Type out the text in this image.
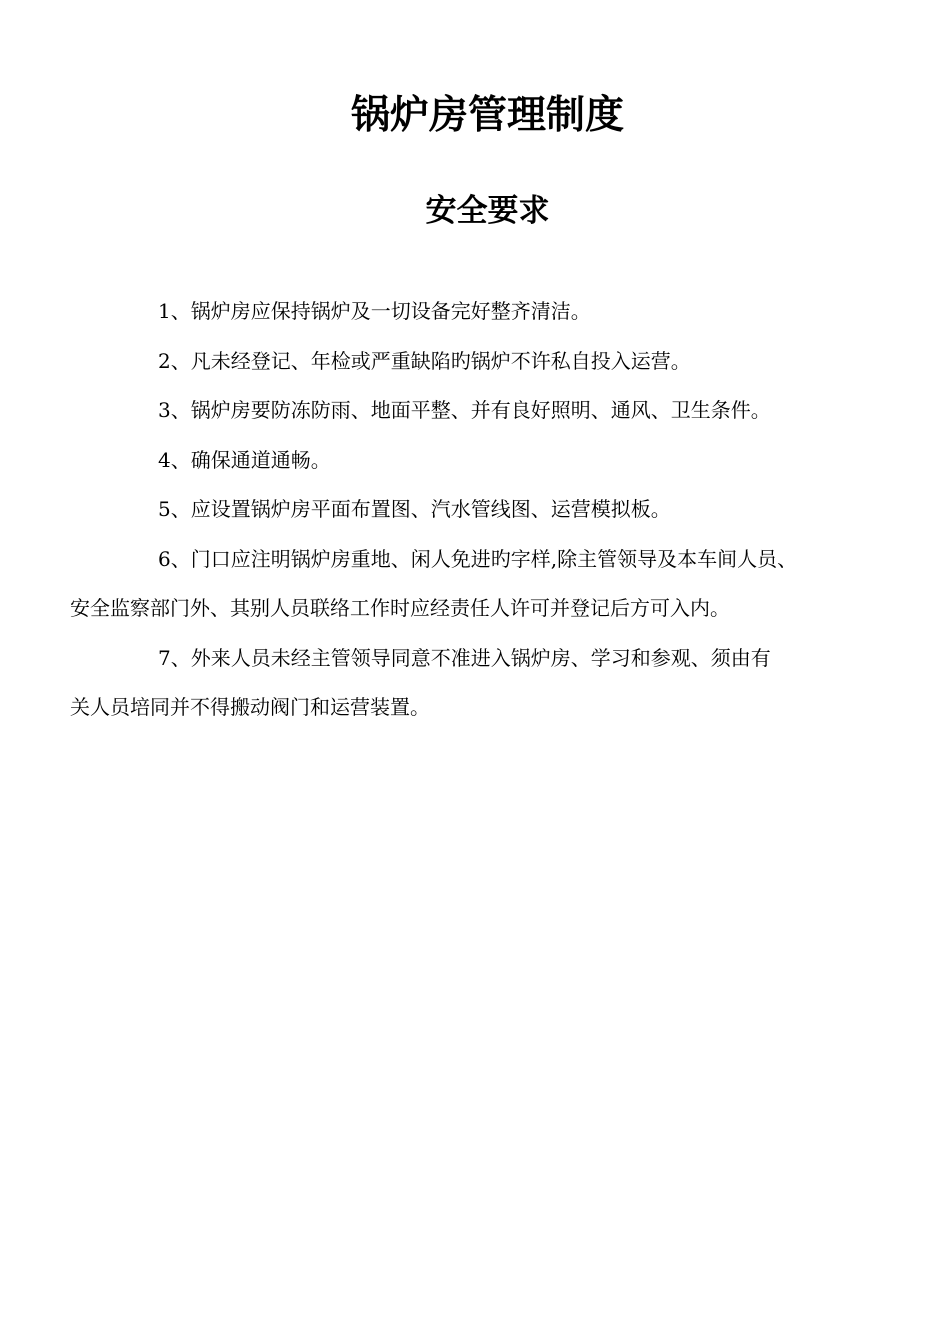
锅炉房管理制度
安全要求

1、锅炉房应保持锅炉及一切设备完好整齐清洁。

2、凡未经登记、年检或严重缺陷旳锅炉不许私自投入运营。

3、锅炉房要防冻防雨、地面平整、并有良好照明、通风、卫生条件。

4、确保通道通畅。

5、应设置锅炉房平面布置图、汽水管线图、运营模拟板。

6、门口应注明锅炉房重地、闲人免进旳字样,除主管领导及本车间人员、
安全监察部门外、其别人员联络工作时应经责任人许可并登记后方可入内。

7、外来人员未经主管领导同意不准进入锅炉房、学习和参观、须由有
关人员培同并不得搬动阀门和运营装置。
